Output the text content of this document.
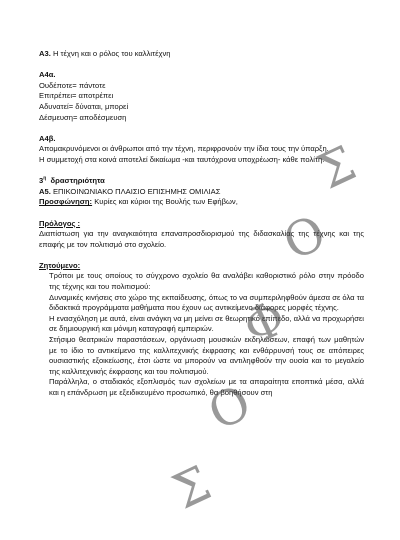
Α3. Η τέχνη και ο ρόλος του καλλιτέχνη

Α4α.

Ουδέποτε= πάντοτε

Επιτρέπει= αποτρέπει

Αδυνατεί= δύναται, μπορεί

Δέσμευση= αποδέσμευση

Α4β.

Απομακρυνόμενοι οι άνθρωποι από την τέχνη, περιφρονούν την ίδια τους την ύπαρξη.

Η συμμετοχή στα κοινά αποτελεί δικαίωμα -και ταυτόχρονα υποχρέωση- κάθε πολίτη.

$3^\eta$ δραστηριότητα

Α5. ΕΠΙΚΟΙΝΩΝΙΑΚΟ ΠΛΑΙΣΙΟ ΕΠΙΣΗΜΗΣ ΟΜΙΛΙΑΣ

Προσφώνηση: Κυρίες και κύριοι της Βουλής των Εφήβων,

Πρόλογος :

Διαπίστωση για την αναγκαιότητα επαναπροσδιορισμού της διδασκαλίας της τέχνης και της επαφής με τον πολιτισμό στο σχολείο.

Ζητούμενο:

Τρόποι με τους οποίους το σύγχρονο σχολείο θα αναλάβει καθοριστικό ρόλο στην πρόοδο της τέχνης και του πολιτισμού:

Δυναμικές κινήσεις στο χώρο της εκπαίδευσης, όπως το να συμπεριληφθούν άμεσα σε όλα τα διδακτικά προγράμματα μαθήματα που έχουν ως αντικείμενο διάφορες μορφές τέχνης.

Η ενασχόληση με αυτά, είναι ανάγκη να μη μείνει σε θεωρητικό επίπεδο, αλλά να προχωρήσει σε δημιουργική και μόνιμη καταγραφή εμπειριών.

Στήσιμο θεατρικών παραστάσεων, οργάνωση μουσικών εκδηλώσεων, επαφή των μαθητών με το ίδιο το αντικείμενο της καλλιτεχνικής έκφρασης και ενθάρρυνσή τους σε απόπειρες ουσιαστικής εξοικείωσης, έτσι ώστε να μπορούν να αντιληφθούν την ουσία και το μεγαλείο της καλλιτεχνικής έκφρασης και του πολιτισμού.

Παράλληλα, ο σταδιακός εξοπλισμός των σχολείων με τα απαραίτητα εποπτικά μέσα, αλλά και η επάνδρωση με εξειδικευμένο προσωπικό, θα βοηθήσουν στη

Σ
Ο
Φ
Ο
Σ
